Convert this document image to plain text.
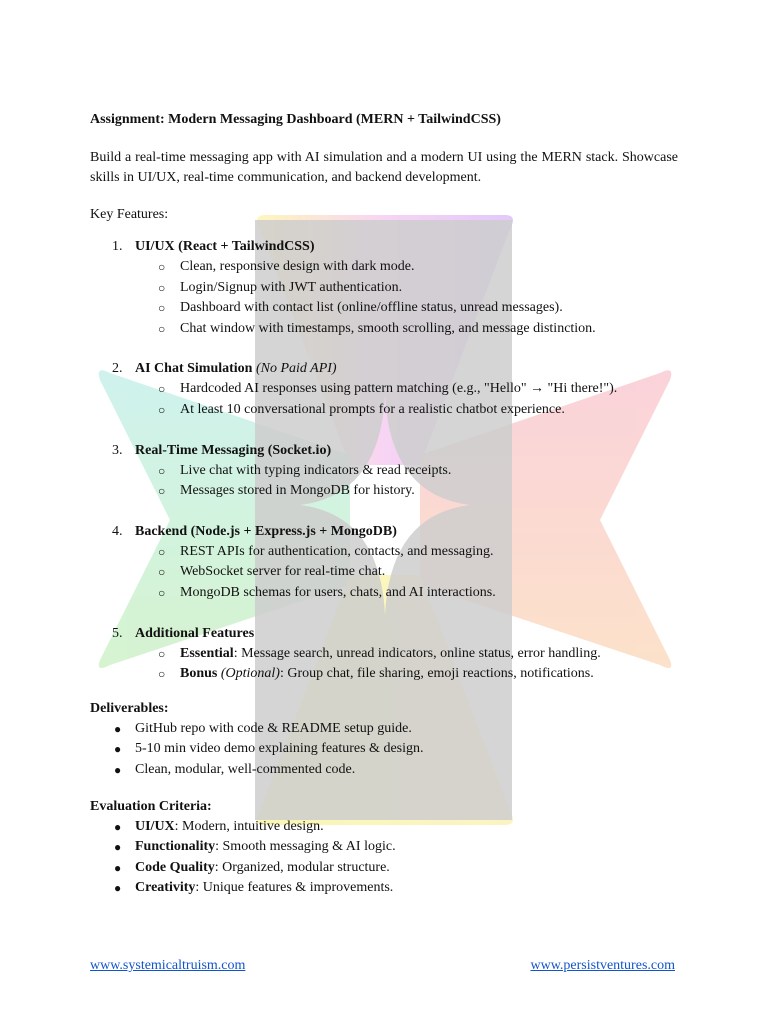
Assignment: Modern Messaging Dashboard (MERN + TailwindCSS)

Build a real-time messaging app with AI simulation and a modern UI using the MERN stack. Showcase skills in UI/UX, real-time communication, and backend development.

Key Features:

1. UI/UX (React + TailwindCSS)
○ Clean, responsive design with dark mode.
○ Login/Signup with JWT authentication.
○ Dashboard with contact list (online/offline status, unread messages).
○ Chat window with timestamps, smooth scrolling, and message distinction.
2. AI Chat Simulation (No Paid API)
○ Hardcoded AI responses using pattern matching (e.g., "Hello" → "Hi there!").
○ At least 10 conversational prompts for a realistic chatbot experience.
3. Real-Time Messaging (Socket.io)
○ Live chat with typing indicators & read receipts.
○ Messages stored in MongoDB for history.
4. Backend (Node.js + Express.js + MongoDB)
○ REST APIs for authentication, contacts, and messaging.
○ WebSocket server for real-time chat.
○ MongoDB schemas for users, chats, and AI interactions.
5. Additional Features
○ Essential: Message search, unread indicators, online status, error handling.
○ Bonus (Optional): Group chat, file sharing, emoji reactions, notifications.

Deliverables:

● GitHub repo with code & README setup guide.
● 5-10 min video demo explaining features & design.
● Clean, modular, well-commented code.

Evaluation Criteria:

● UI/UX: Modern, intuitive design.
● Functionality: Smooth messaging & AI logic.
● Code Quality: Organized, modular structure.
● Creativity: Unique features & improvements.
www.systemicaltruism.com	www.persistventures.com
